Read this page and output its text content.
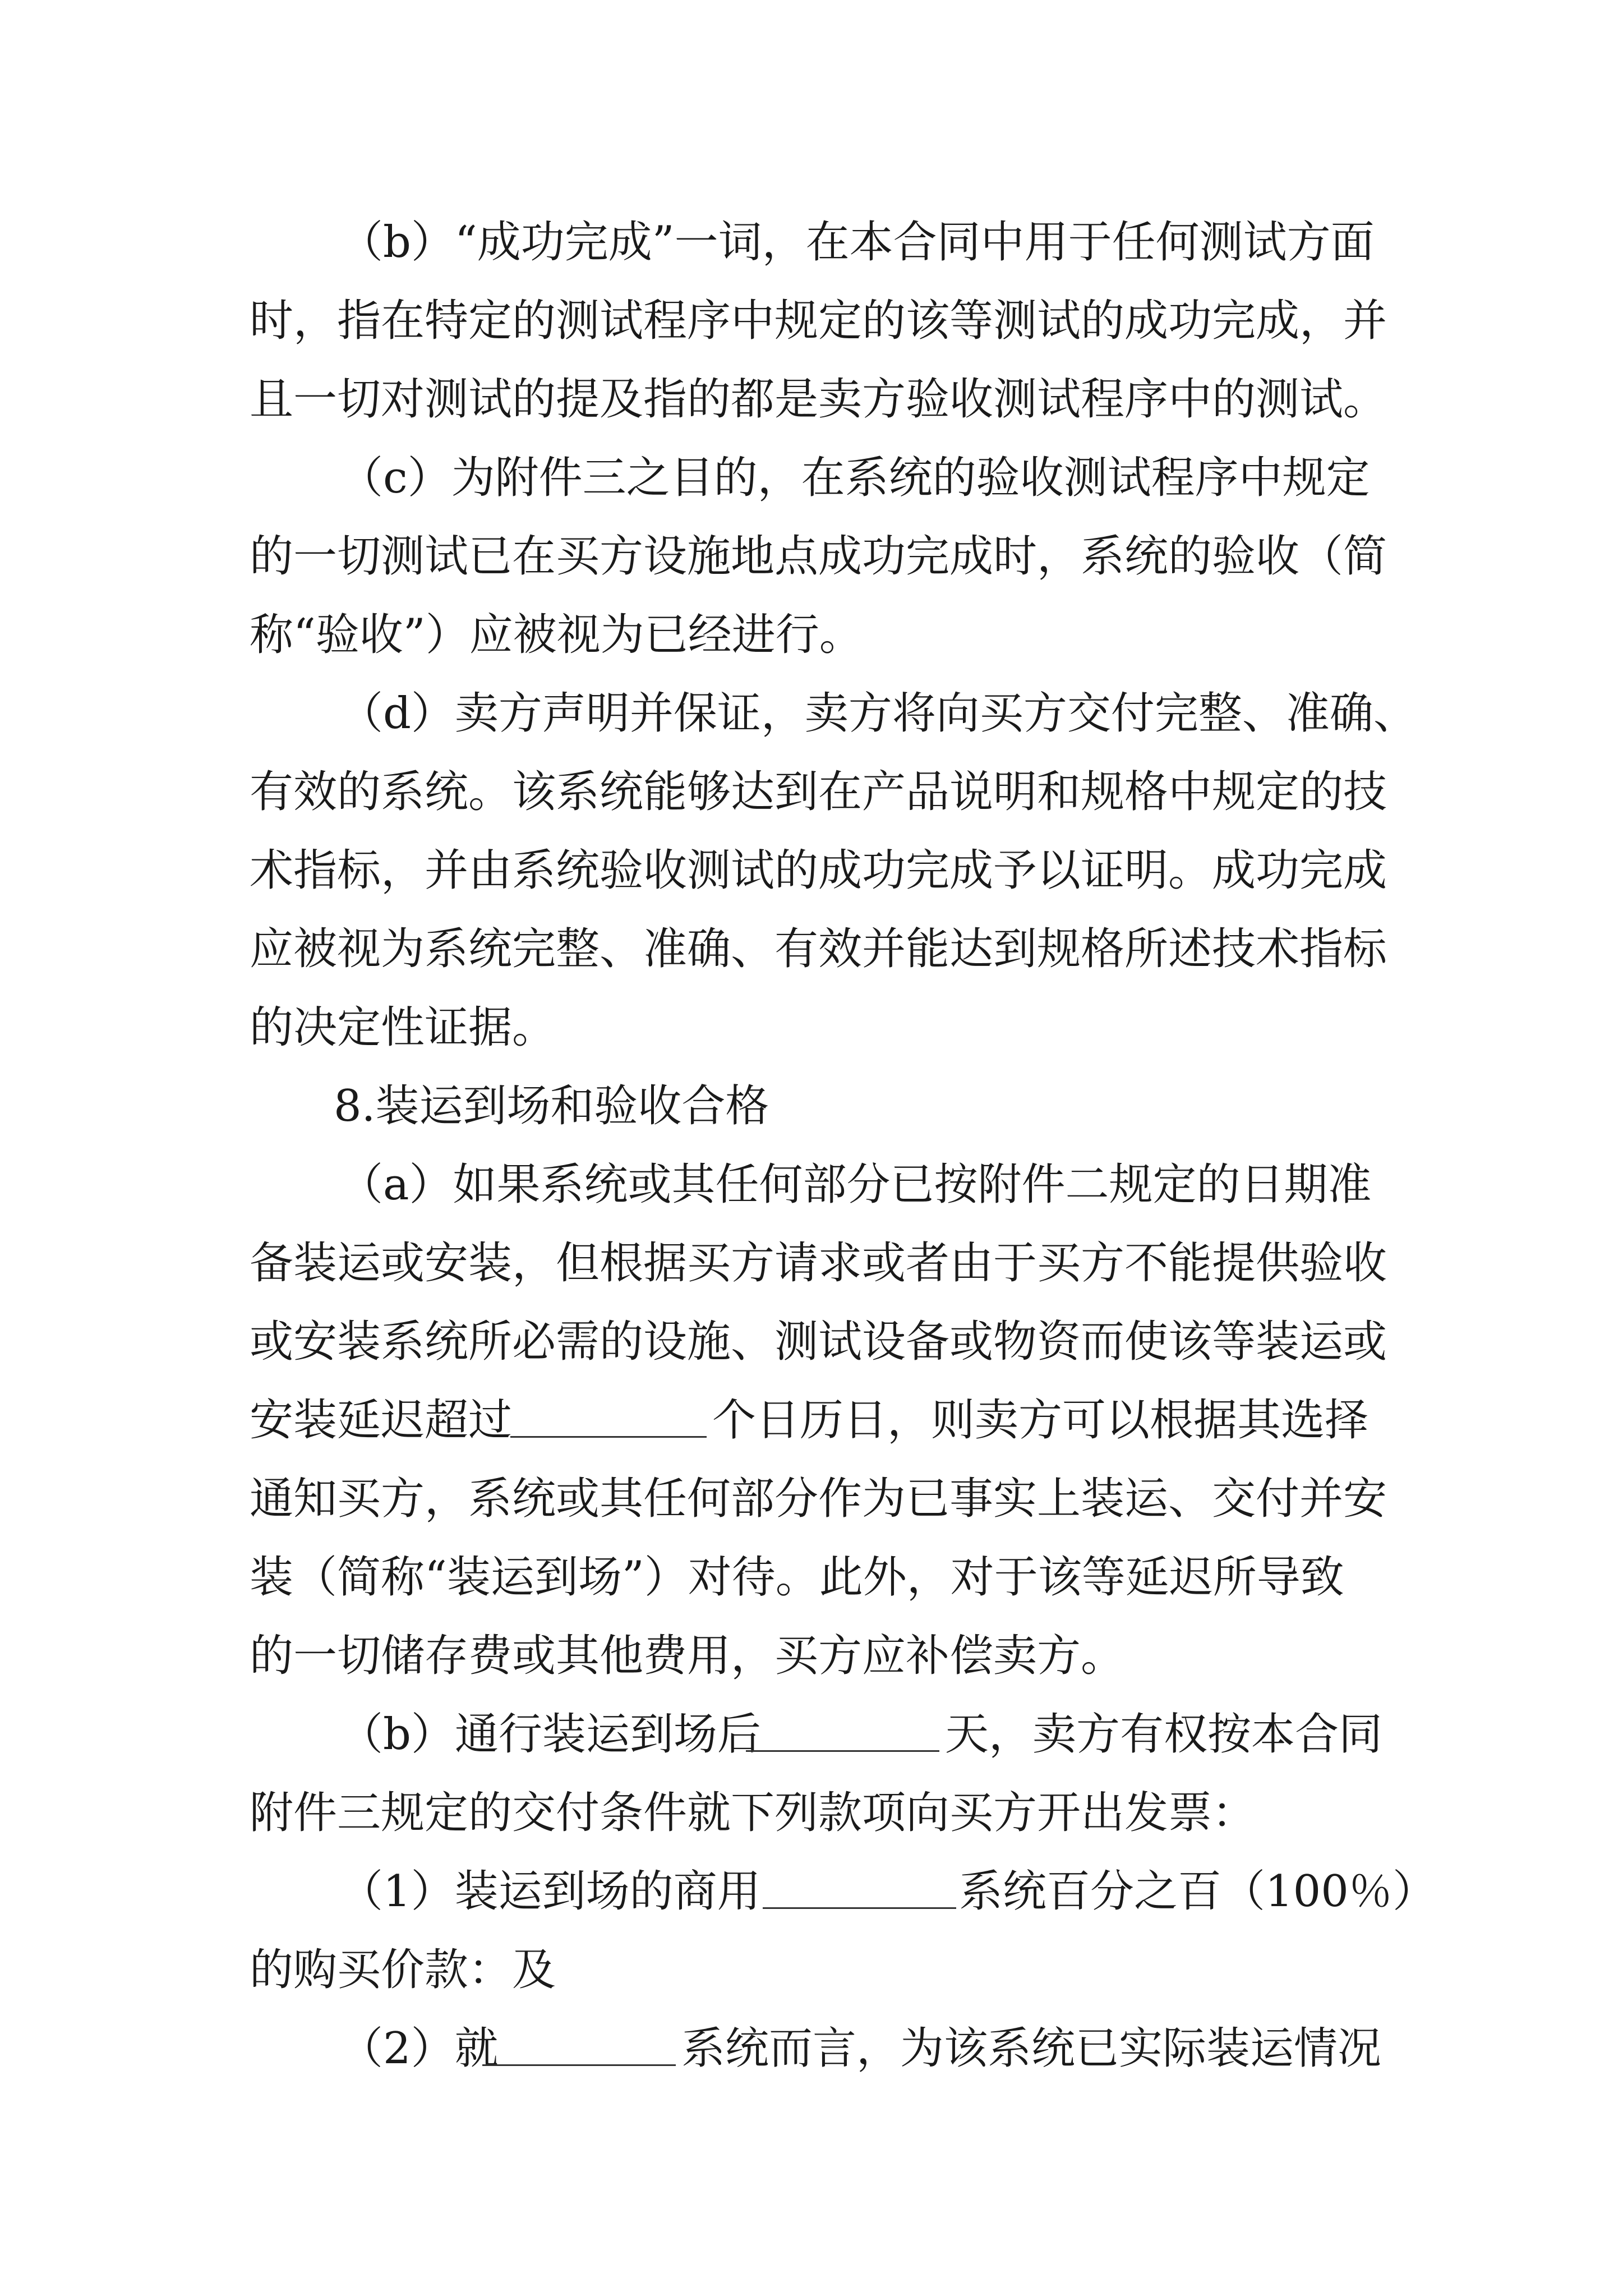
（b）“成功完成”一词，在本合同中用于任何测试方面
时，指在特定的测试程序中规定的该等测试的成功完成，并
且一切对测试的提及指的都是卖方验收测试程序中的测试。
（c）为附件三之目的，在系统的验收测试程序中规定
的一切测试已在买方设施地点成功完成时，系统的验收（简
称“验收”）应被视为已经进行。
（d）卖方声明并保证，卖方将向买方交付完整、准确、
有效的系统。该系统能够达到在产品说明和规格中规定的技
术指标，并由系统验收测试的成功完成予以证明。成功完成
应被视为系统完整、准确、有效并能达到规格所述技术指标
的决定性证据。
8.装运到场和验收合格
（a）如果系统或其任何部分已按附件二规定的日期准
备装运或安装，但根据买方请求或者由于买方不能提供验收
或安装系统所必需的设施、测试设备或物资而使该等装运或
安装延迟超过	个日历日，则卖方可以根据其选择
通知买方，系统或其任何部分作为已事实上装运、交付并安
装（简称“装运到场”）对待。此外，对于该等延迟所导致
的一切储存费或其他费用，买方应补偿卖方。
（b）通行装运到场后	天，卖方有权按本合同
附件三规定的交付条件就下列款项向买方开出发票：
（1）装运到场的商用	系统百分之百（100％）
的购买价款：及
（2）就	系统而言，为该系统已实际装运情况
